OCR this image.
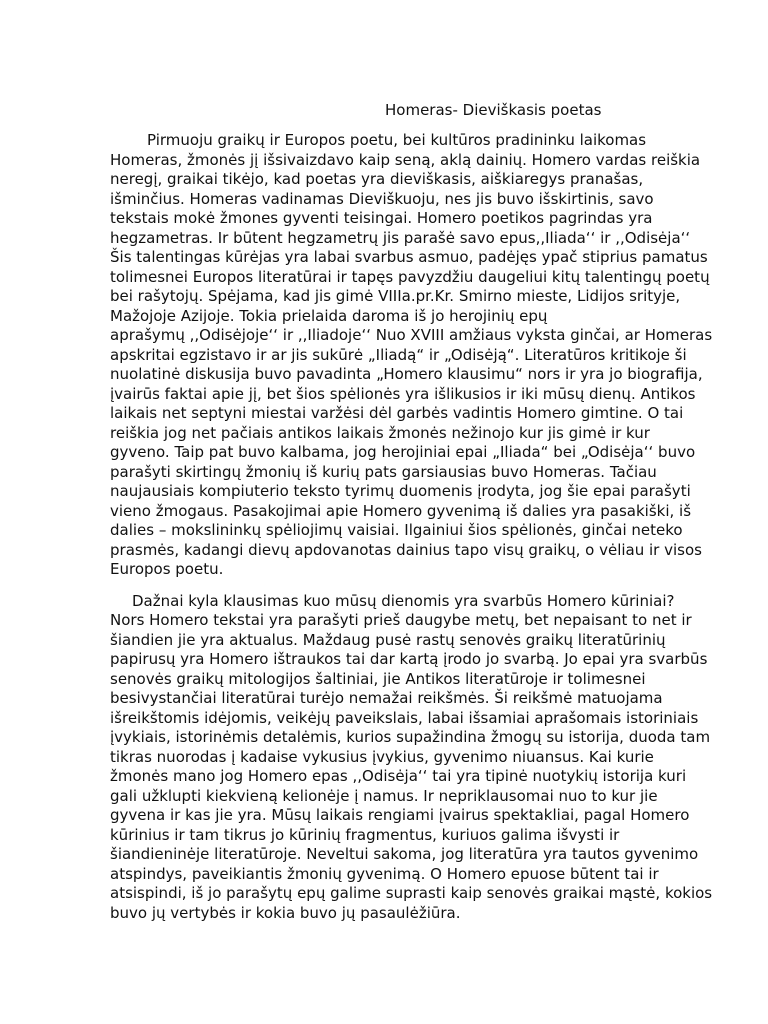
Homeras- Dieviškasis poetas
Pirmuoju graikų ir Europos poetu, bei kultūros pradininku laikomas
Homeras, žmonės jį išsivaizdavo kaip seną, aklą dainių. Homero vardas reiškia
neregį, graikai tikėjo, kad poetas yra dieviškasis, aiškiaregys pranašas,
išminčius. Homeras vadinamas Dieviškuoju, nes jis buvo išskirtinis, savo
tekstais mokė žmones gyventi teisingai. Homero poetikos pagrindas yra
hegzametras. Ir būtent hegzametrų jis parašė savo epus,,Iliada‘‘ ir ,,Odisėja‘‘
Šis talentingas kūrėjas yra labai svarbus asmuo, padėjęs ypač stiprius pamatus
tolimesnei Europos literatūrai ir tapęs pavyzdžiu daugeliui kitų talentingų poetų
bei rašytojų. Spėjama, kad jis gimė VIIIa.pr.Kr. Smirno mieste, Lidijos srityje,
Mažojoje Azijoje. Tokia prielaida daroma iš jo herojinių epų
aprašymų ,,Odisėjoje‘‘ ir ,,Iliadoje‘‘ Nuo XVIII amžiaus vyksta ginčai, ar Homeras
apskritai egzistavo ir ar jis sukūrė „Iliadą“ ir „Odisėją“. Literatūros kritikoje ši
nuolatinė diskusija buvo pavadinta „Homero klausimu“ nors ir yra jo biografija,
įvairūs faktai apie jį, bet šios spėlionės yra išlikusios ir iki mūsų dienų. Antikos
laikais net septyni miestai varžėsi dėl garbės vadintis Homero gimtine. O tai
reiškia jog net pačiais antikos laikais žmonės nežinojo kur jis gimė ir kur
gyveno. Taip pat buvo kalbama, jog herojiniai epai „Iliada“ bei „Odisėja‘‘ buvo
parašyti skirtingų žmonių iš kurių pats garsiausias buvo Homeras. Tačiau
naujausiais kompiuterio teksto tyrimų duomenis įrodyta, jog šie epai parašyti
vieno žmogaus. Pasakojimai apie Homero gyvenimą iš dalies yra pasakiški, iš
dalies – mokslininkų spėliojimų vaisiai. Ilgainiui šios spėlionės, ginčai neteko
prasmės, kadangi dievų apdovanotas dainius tapo visų graikų, o vėliau ir visos
Europos poetu.
Dažnai kyla klausimas kuo mūsų dienomis yra svarbūs Homero kūriniai?
Nors Homero tekstai yra parašyti prieš daugybe metų, bet nepaisant to net ir
šiandien jie yra aktualus. Maždaug pusė rastų senovės graikų literatūrinių
papirusų yra Homero ištraukos tai dar kartą įrodo jo svarbą. Jo epai yra svarbūs
senovės graikų mitologijos šaltiniai, jie Antikos literatūroje ir tolimesnei
besivystančiai literatūrai turėjo nemažai reikšmės. Ši reikšmė matuojama
išreikštomis idėjomis, veikėjų paveikslais, labai išsamiai aprašomais istoriniais
įvykiais, istorinėmis detalėmis, kurios supažindina žmogų su istorija, duoda tam
tikras nuorodas į kadaise vykusius įvykius, gyvenimo niuansus. Kai kurie
žmonės mano jog Homero epas ,,Odisėja‘‘ tai yra tipinė nuotykių istorija kuri
gali užklupti kiekvieną kelionėje į namus. Ir nepriklausomai nuo to kur jie
gyvena ir kas jie yra. Mūsų laikais rengiami įvairus spektakliai, pagal Homero
kūrinius ir tam tikrus jo kūrinių fragmentus, kuriuos galima išvysti ir
šiandieninėje literatūroje. Neveltui sakoma, jog literatūra yra tautos gyvenimo
atspindys, paveikiantis žmonių gyvenimą. O Homero epuose būtent tai ir
atsispindi, iš jo parašytų epų galime suprasti kaip senovės graikai mąstė, kokios
buvo jų vertybės ir kokia buvo jų pasaulėžiūra.
